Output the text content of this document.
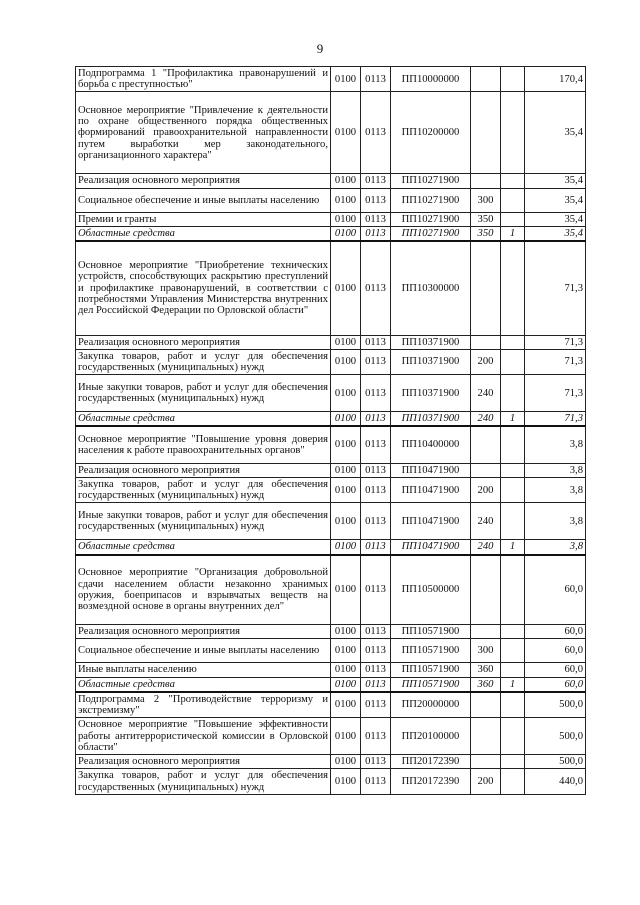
9
Подпрограмма 1 "Профилактика правонарушений и борьба с преступностью"	0100	0113	ПП10000000			170,4
Основное мероприятие "Привлечение к деятельности по охране общественного порядка общественных формирований правоохранительной направленности путем выработки мер законодательного, организационного характера"	0100	0113	ПП10200000			35,4
Реализация основного мероприятия	0100	0113	ПП10271900			35,4
Социальное обеспечение и иные выплаты населению	0100	0113	ПП10271900	300		35,4
Премии и гранты	0100	0113	ПП10271900	350		35,4
Областные средства	0100	0113	ПП10271900	350	1	35,4
Основное мероприятие "Приобретение технических устройств, способствующих раскрытию преступлений и профилактике правонарушений, в соответствии с потребностями Управления Министерства внутренних дел Российской Федерации по Орловской области"	0100	0113	ПП10300000			71,3
Реализация основного мероприятия	0100	0113	ПП10371900			71,3
Закупка товаров, работ и услуг для обеспечения государственных (муниципальных) нужд	0100	0113	ПП10371900	200		71,3
Иные закупки товаров, работ и услуг для обеспечения государственных (муниципальных) нужд	0100	0113	ПП10371900	240		71,3
Областные средства	0100	0113	ПП10371900	240	1	71,3
Основное мероприятие "Повышение уровня доверия населения к работе правоохранительных органов"	0100	0113	ПП10400000			3,8
Реализация основного мероприятия	0100	0113	ПП10471900			3,8
Закупка товаров, работ и услуг для обеспечения государственных (муниципальных) нужд	0100	0113	ПП10471900	200		3,8
Иные закупки товаров, работ и услуг для обеспечения государственных (муниципальных) нужд	0100	0113	ПП10471900	240		3,8
Областные средства	0100	0113	ПП10471900	240	1	3,8
Основное мероприятие "Организация добровольной сдачи населением области незаконно хранимых оружия, боеприпасов и взрывчатых веществ на возмездной основе в органы внутренних дел"	0100	0113	ПП10500000			60,0
Реализация основного мероприятия	0100	0113	ПП10571900			60,0
Социальное обеспечение и иные выплаты населению	0100	0113	ПП10571900	300		60,0
Иные выплаты населению	0100	0113	ПП10571900	360		60,0
Областные средства	0100	0113	ПП10571900	360	1	60,0
Подпрограмма 2 "Противодействие терроризму и экстремизму"	0100	0113	ПП20000000			500,0
Основное мероприятие "Повышение эффективности работы антитеррористической комиссии в Орловской области"	0100	0113	ПП20100000			500,0
Реализация основного мероприятия	0100	0113	ПП20172390			500,0
Закупка товаров, работ и услуг для обеспечения государственных (муниципальных) нужд	0100	0113	ПП20172390	200		440,0
